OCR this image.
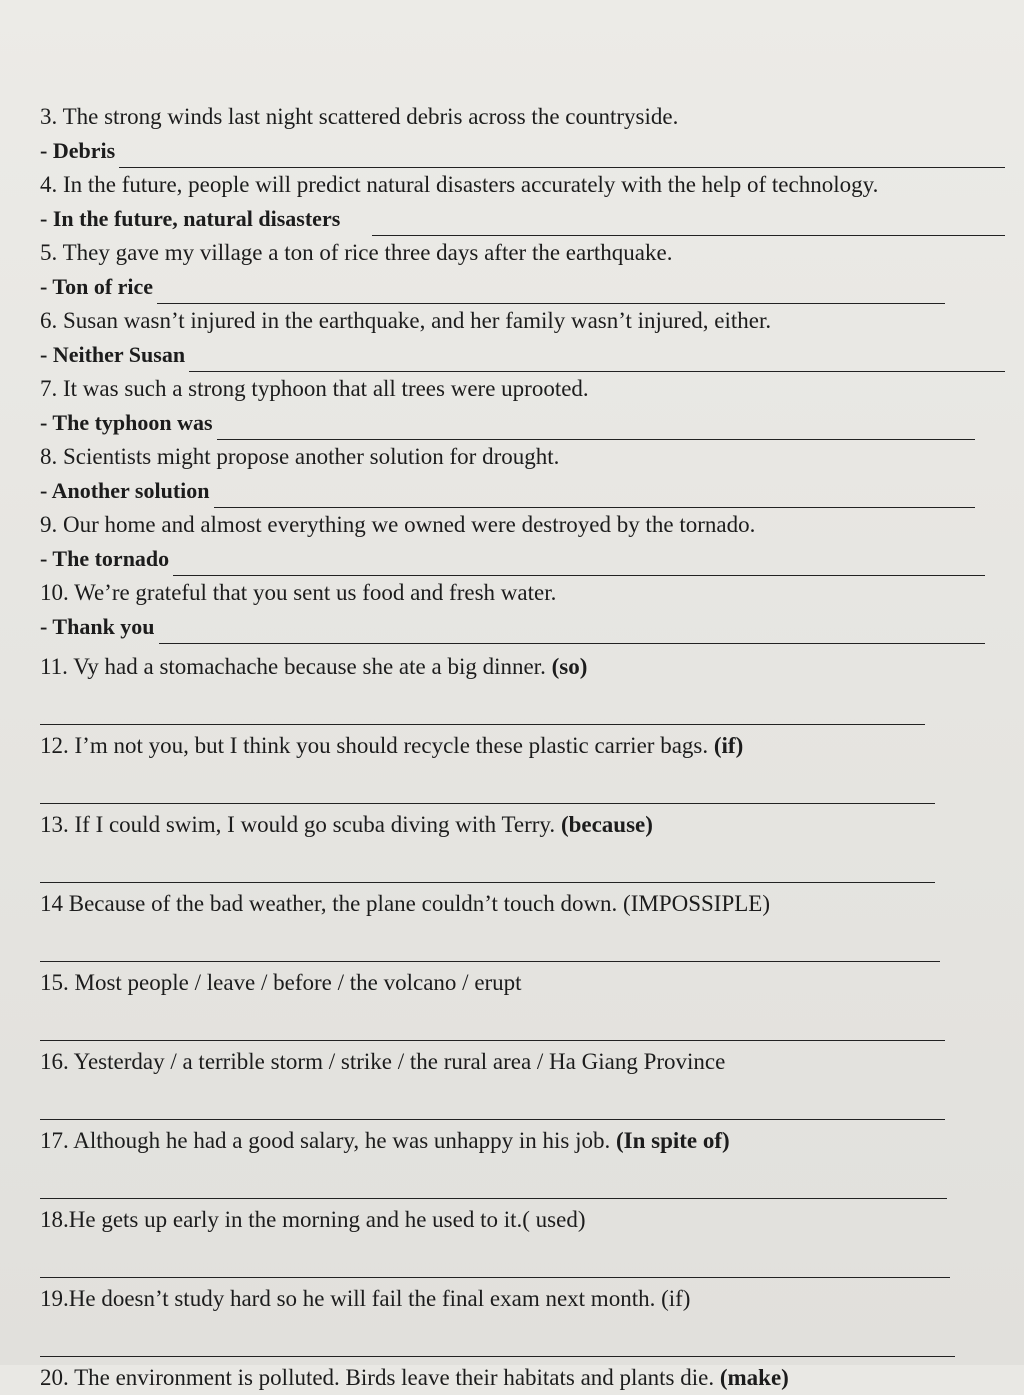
3. The strong winds last night scattered debris across the countryside.
- Debris
4. In the future, people will predict natural disasters accurately with the help of technology.
- In the future, natural disasters
5. They gave my village a ton of rice three days after the earthquake.
- Ton of rice
6. Susan wasn’t injured in the earthquake, and her family wasn’t injured, either.
- Neither Susan
7. It was such a strong typhoon that all trees were uprooted.
- The typhoon was
8. Scientists might propose another solution for drought.
- Another solution
9. Our home and almost everything we owned were destroyed by the tornado.
- The tornado
10. We’re grateful that you sent us food and fresh water.
- Thank you
11. Vy had a stomachache because she ate a big dinner. (so)
12. I’m not you, but I think you should recycle these plastic carrier bags. (if)
13. If I could swim, I would go scuba diving with Terry. (because)
14 Because of the bad weather, the plane couldn’t touch down. (IMPOSSIPLE)
15. Most people / leave / before / the volcano / erupt
16. Yesterday / a terrible storm / strike / the rural area / Ha Giang Province
17. Although he had a good salary, he was unhappy in his job. (In spite of)
18.He gets up early in the morning and he used to it.( used)
19.He doesn’t study hard so he will fail the final exam next month. (if)
20. The environment is polluted. Birds leave their habitats and plants die. (make)
